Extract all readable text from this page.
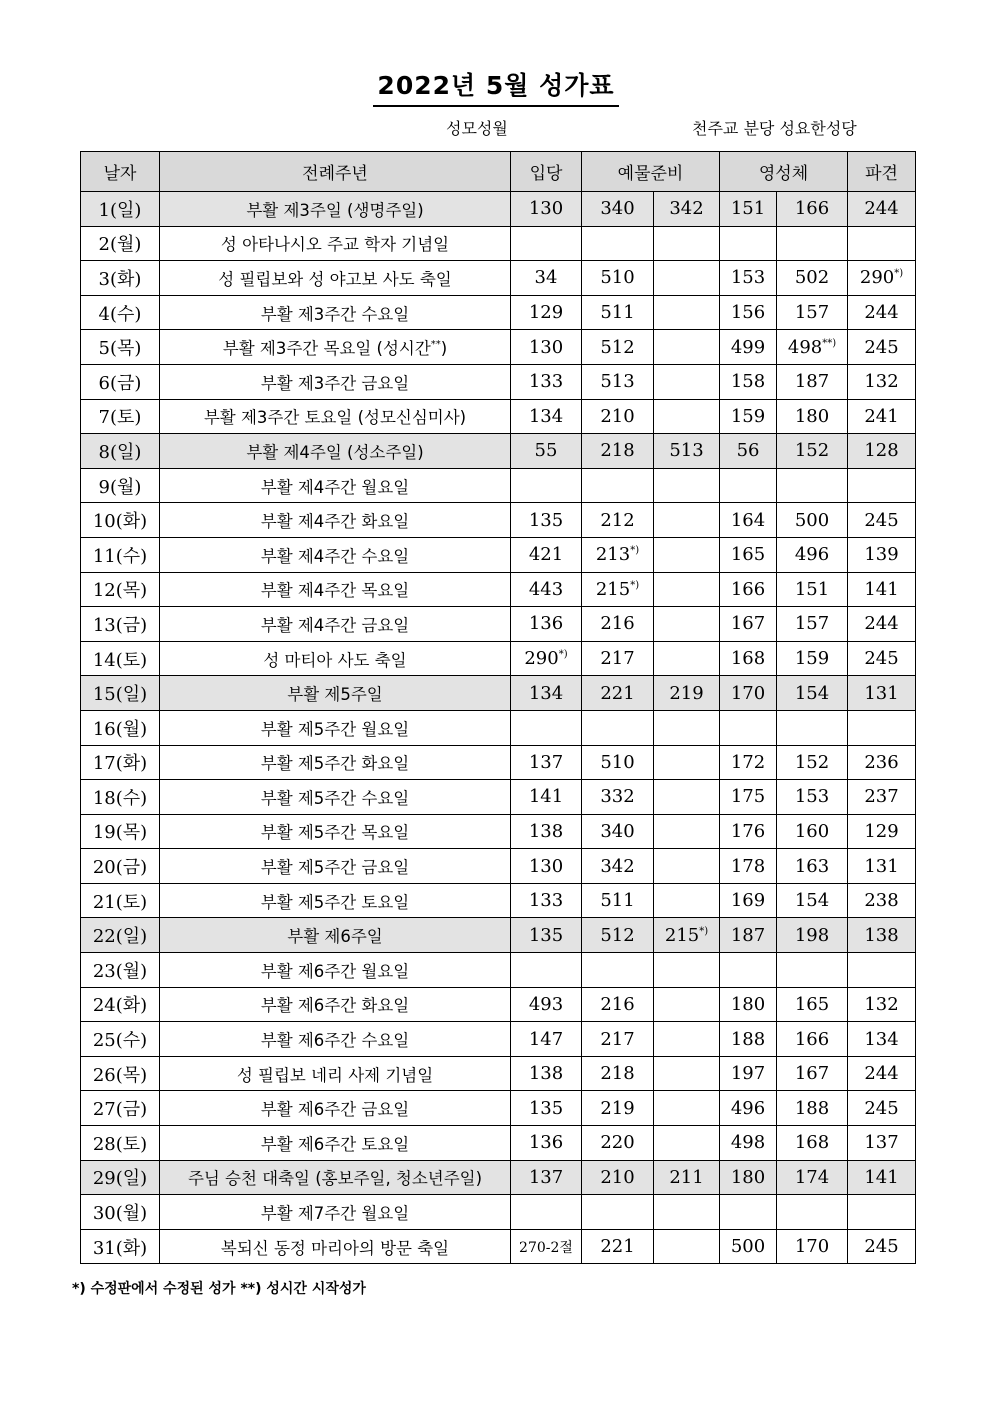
2022년 5월 성가표
성모성월	천주교 분당 성요한성당
날자	전례주년	입당	예물준비		영성체		파견
1(일)	부활 제3주일 (생명주일)	130	340	342	151	166	244
2(월)	성 아타나시오 주교 학자 기념일						
3(화)	성 필립보와 성 야고보 사도 축일	34	510		153	502	290*)
4(수)	부활 제3주간 수요일	129	511		156	157	244
5(목)	부활 제3주간 목요일 (성시간**)	130	512		499	498**)	245
6(금)	부활 제3주간 금요일	133	513		158	187	132
7(토)	부활 제3주간 토요일 (성모신심미사)	134	210		159	180	241
8(일)	부활 제4주일 (성소주일)	55	218	513	56	152	128
9(월)	부활 제4주간 월요일						
10(화)	부활 제4주간 화요일	135	212		164	500	245
11(수)	부활 제4주간 수요일	421	213*)		165	496	139
12(목)	부활 제4주간 목요일	443	215*)		166	151	141
13(금)	부활 제4주간 금요일	136	216		167	157	244
14(토)	성 마티아 사도 축일	290*)	217		168	159	245
15(일)	부활 제5주일	134	221	219	170	154	131
16(월)	부활 제5주간 월요일						
17(화)	부활 제5주간 화요일	137	510		172	152	236
18(수)	부활 제5주간 수요일	141	332		175	153	237
19(목)	부활 제5주간 목요일	138	340		176	160	129
20(금)	부활 제5주간 금요일	130	342		178	163	131
21(토)	부활 제5주간 토요일	133	511		169	154	238
22(일)	부활 제6주일	135	512	215*)	187	198	138
23(월)	부활 제6주간 월요일						
24(화)	부활 제6주간 화요일	493	216		180	165	132
25(수)	부활 제6주간 수요일	147	217		188	166	134
26(목)	성 필립보 네리 사제 기념일	138	218		197	167	244
27(금)	부활 제6주간 금요일	135	219		496	188	245
28(토)	부활 제6주간 토요일	136	220		498	168	137
29(일)	주님 승천 대축일 (홍보주일, 청소년주일)	137	210	211	180	174	141
30(월)	부활 제7주간 월요일						
31(화)	복되신 동정 마리아의 방문 축일	270-2절	221		500	170	245
*) 수정판에서 수정된 성가 **) 성시간 시작성가
